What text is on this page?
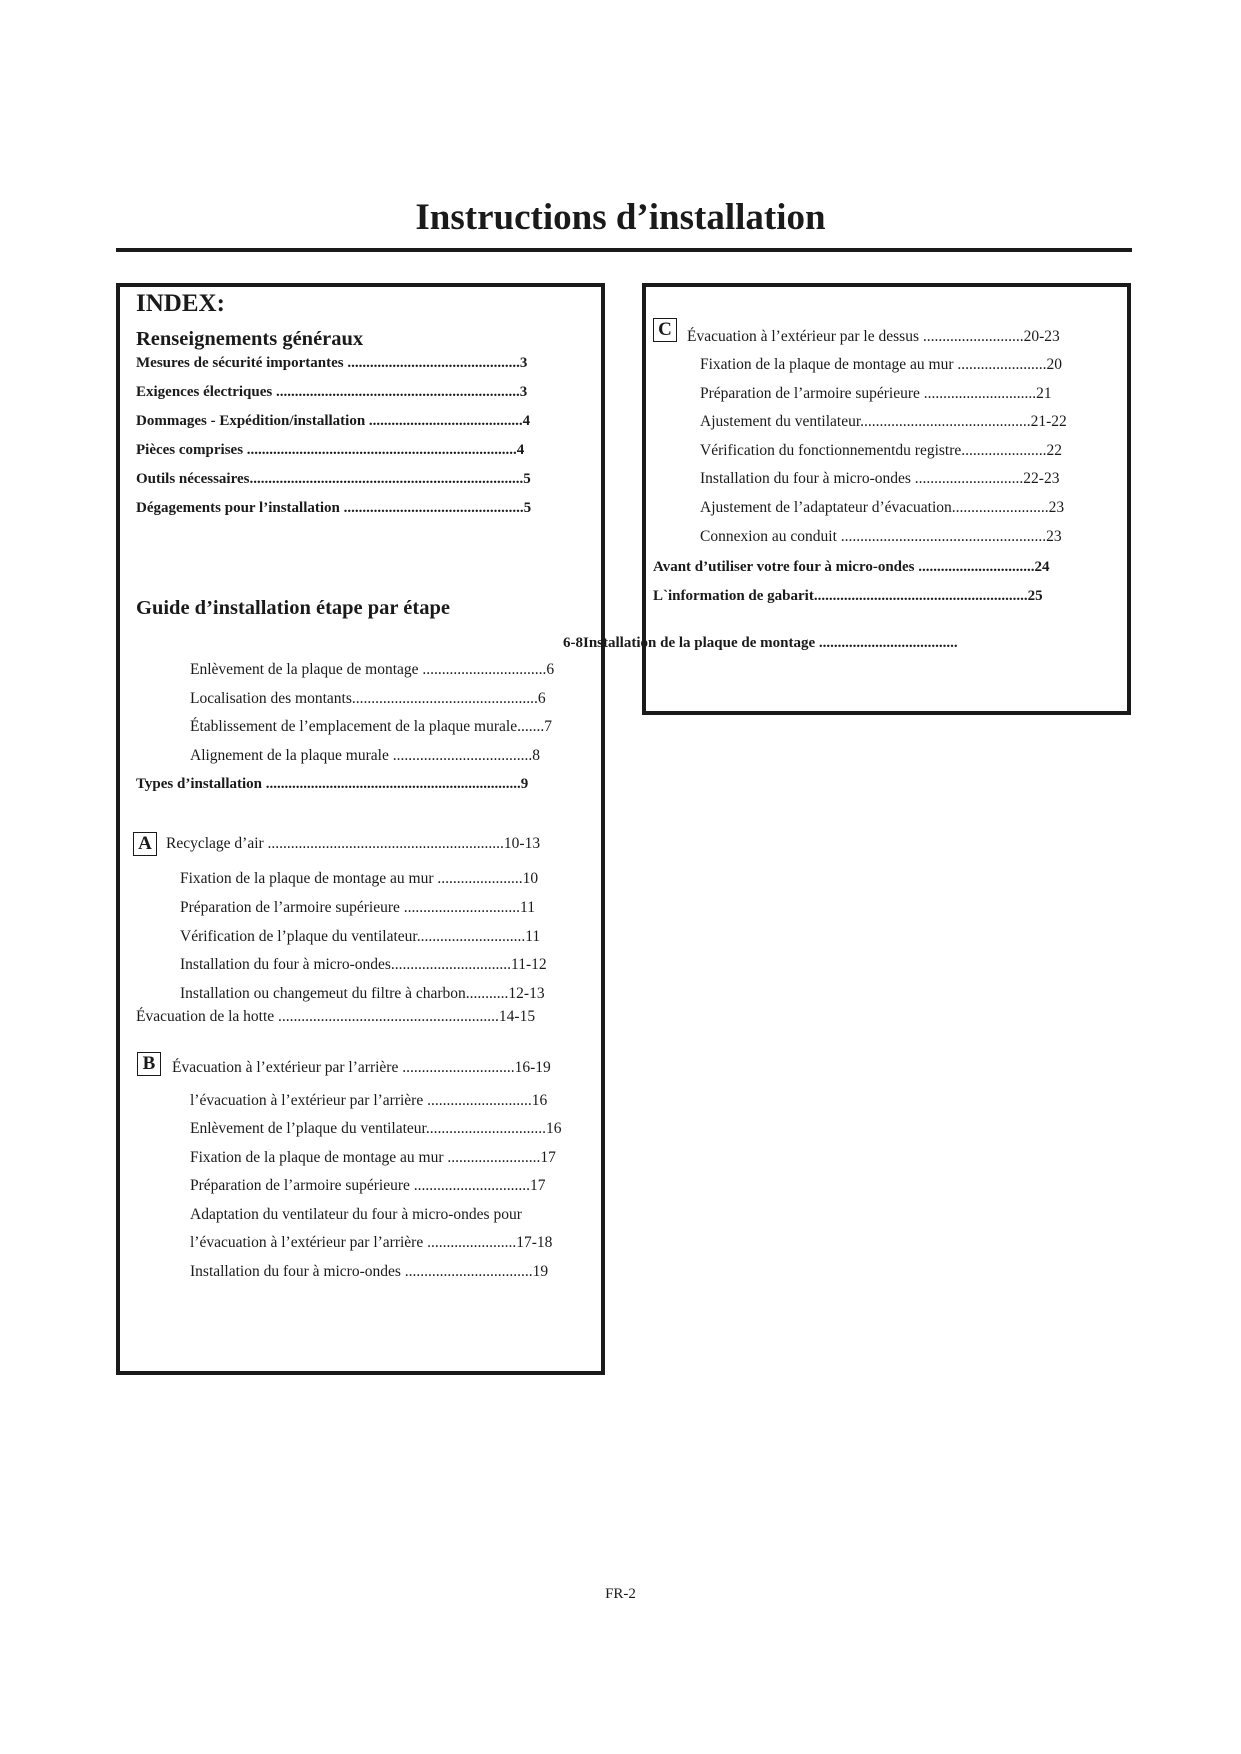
Instructions d’installation
INDEX:
Renseignements généraux
Mesures de sécurité importantes ..............................................3
Exigences électriques .................................................................3
Dommages - Expédition/installation .........................................4
Pièces comprises ........................................................................4
Outils nécessaires.........................................................................5
Dégagements pour l’installation ................................................5
Guide d’installation étape par étape
6-8Installation de la plaque de montage .....................................
Enlèvement de la plaque de montage ................................6
Localisation des montants................................................6
Établissement de l’emplacement de la plaque murale.......7
Alignement de la plaque murale ....................................8
Types d’installation ....................................................................9
A Recyclage d’air .............................................................10-13
Fixation de la plaque de montage au mur ......................10
Préparation de l’armoire supérieure ..............................11
Vérification de l’plaque du ventilateur............................11
Installation du four à micro-ondes...............................11-12
Installation ou changemeut du filtre à charbon...........12-13
Évacuation de la hotte .........................................................14-15
B	Évacuation à l’extérieur par l’arrière .............................16-19
l’évacuation à l’extérieur par l’arrière ...........................16
Enlèvement de l’plaque du ventilateur...............................16
Fixation de la plaque de montage au mur ........................17
Préparation de l’armoire supérieure ..............................17
Adaptation du ventilateur du four à micro-ondes pour
l’évacuation à l’extérieur par l’arrière .......................17-18
Installation du four à micro-ondes .................................19
C Évacuation à l’extérieur par le dessus ..........................20-23
Fixation de la plaque de montage au mur .......................20
Préparation de l’armoire supérieure .............................21
Ajustement du ventilateur............................................21-22
Vérification du fonctionnementdu registre......................22
Installation du four à micro-ondes ............................22-23
Ajustement de l’adaptateur d’évacuation.........................23
Connexion au conduit .....................................................23
Avant d’utiliser votre four à micro-ondes ...............................24
L`information de gabarit.........................................................25
FR-2
